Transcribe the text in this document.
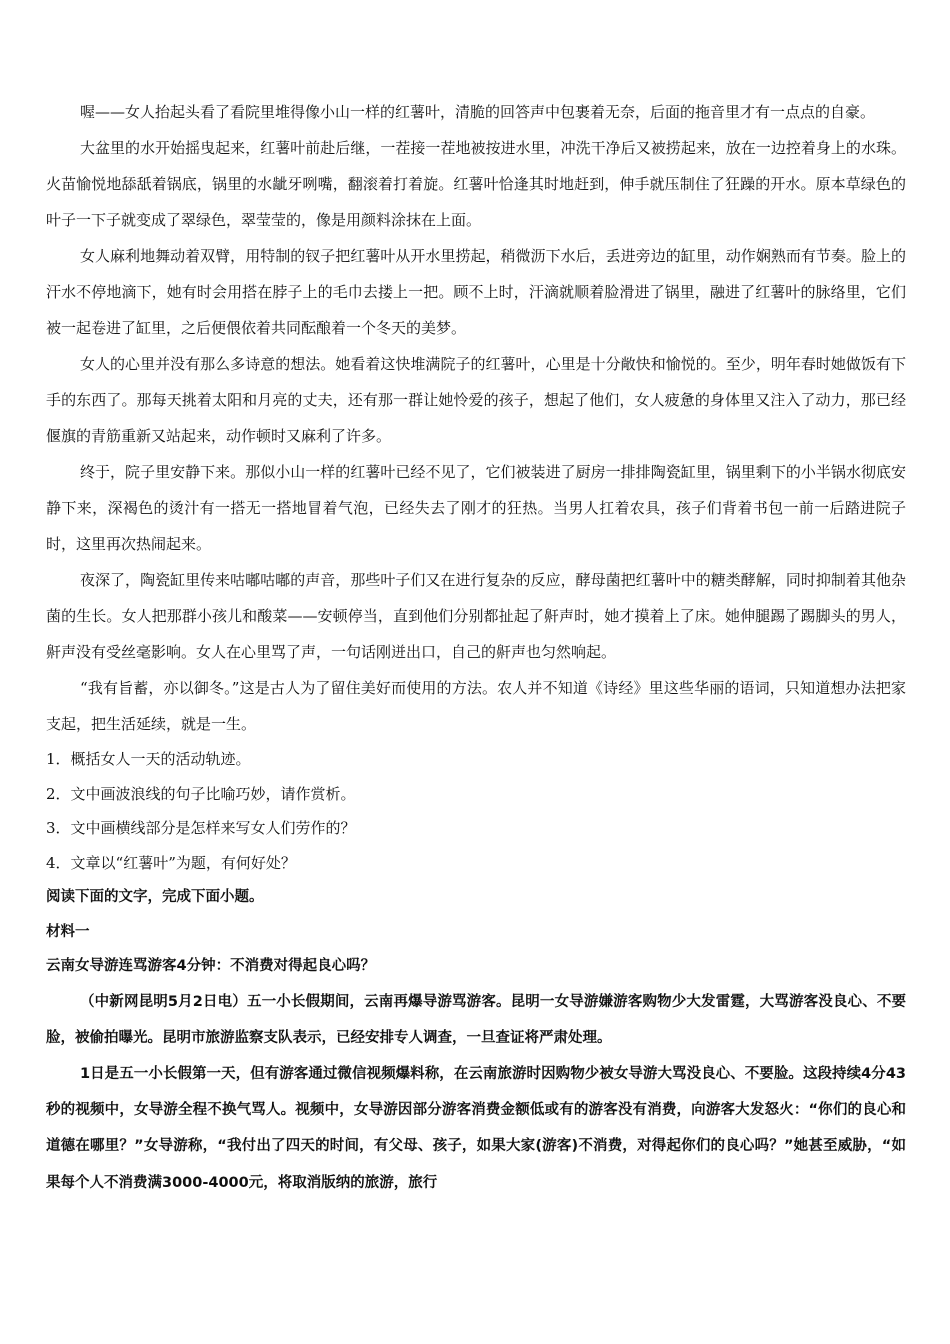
喔——女人抬起头看了看院里堆得像小山一样的红薯叶，清脆的回答声中包裹着无奈，后面的拖音里才有一点点的自豪。

大盆里的水开始摇曳起来，红薯叶前赴后继，一茬接一茬地被按进水里，冲洗干净后又被捞起来，放在一边控着身上的水珠。火苗愉悦地舔舐着锅底，锅里的水龇牙咧嘴，翻滚着打着旋。红薯叶恰逢其时地赶到，伸手就压制住了狂躁的开水。原本草绿色的叶子一下子就变成了翠绿色，翠莹莹的，像是用颜料涂抹在上面。

女人麻利地舞动着双臂，用特制的钗子把红薯叶从开水里捞起，稍微沥下水后，丢进旁边的缸里，动作娴熟而有节奏。脸上的汗水不停地滴下，她有时会用搭在脖子上的毛巾去搂上一把。顾不上时，汗滴就顺着脸滑进了锅里，融进了红薯叶的脉络里，它们被一起卷进了缸里，之后便偎依着共同酝酿着一个冬天的美梦。

女人的心里并没有那么多诗意的想法。她看着这快堆满院子的红薯叶，心里是十分敞快和愉悦的。至少，明年春时她做饭有下手的东西了。那每天挑着太阳和月亮的丈夫，还有那一群让她怜爱的孩子，想起了他们，女人疲惫的身体里又注入了动力，那已经偃旗的青筋重新又站起来，动作顿时又麻利了许多。

终于，院子里安静下来。那似小山一样的红薯叶已经不见了，它们被装进了厨房一排排陶瓷缸里，锅里剩下的小半锅水彻底安静下来，深褐色的烫汁有一搭无一搭地冒着气泡，已经失去了刚才的狂热。当男人扛着农具，孩子们背着书包一前一后踏进院子时，这里再次热闹起来。

夜深了，陶瓷缸里传来咕嘟咕嘟的声音，那些叶子们又在进行复杂的反应，酵母菌把红薯叶中的糖类酵解，同时抑制着其他杂菌的生长。女人把那群小孩儿和酸菜——安顿停当，直到他们分别都扯起了鼾声时，她才摸着上了床。她伸腿踢了踢脚头的男人，鼾声没有受丝毫影响。女人在心里骂了声，一句话刚迸出口，自己的鼾声也匀然响起。

“我有旨蓄，亦以御冬。”这是古人为了留住美好而使用的方法。农人并不知道《诗经》里这些华丽的语词，只知道想办法把家支起，把生活延续，就是一生。

1．概括女人一天的活动轨迹。

2．文中画波浪线的句子比喻巧妙，请作赏析。

3．文中画横线部分是怎样来写女人们劳作的？

4．文章以“红薯叶”为题，有何好处？

阅读下面的文字，完成下面小题。

材料一

云南女导游连骂游客4分钟：不消费对得起良心吗？

（中新网昆明5月2日电）五一小长假期间，云南再爆导游骂游客。昆明一女导游嫌游客购物少大发雷霆，大骂游客没良心、不要脸，被偷拍曝光。昆明市旅游监察支队表示，已经安排专人调查，一旦查证将严肃处理。

1日是五一小长假第一天，但有游客通过微信视频爆料称，在云南旅游时因购物少被女导游大骂没良心、不要脸。这段持续4分43秒的视频中，女导游全程不换气骂人。视频中，女导游因部分游客消费金额低或有的游客没有消费，向游客大发怒火：“你们的良心和道德在哪里？”女导游称，“我付出了四天的时间，有父母、孩子，如果大家(游客)不消费，对得起你们的良心吗？”她甚至威胁，“如果每个人不消费满3000-4000元，将取消版纳的旅游，旅行
